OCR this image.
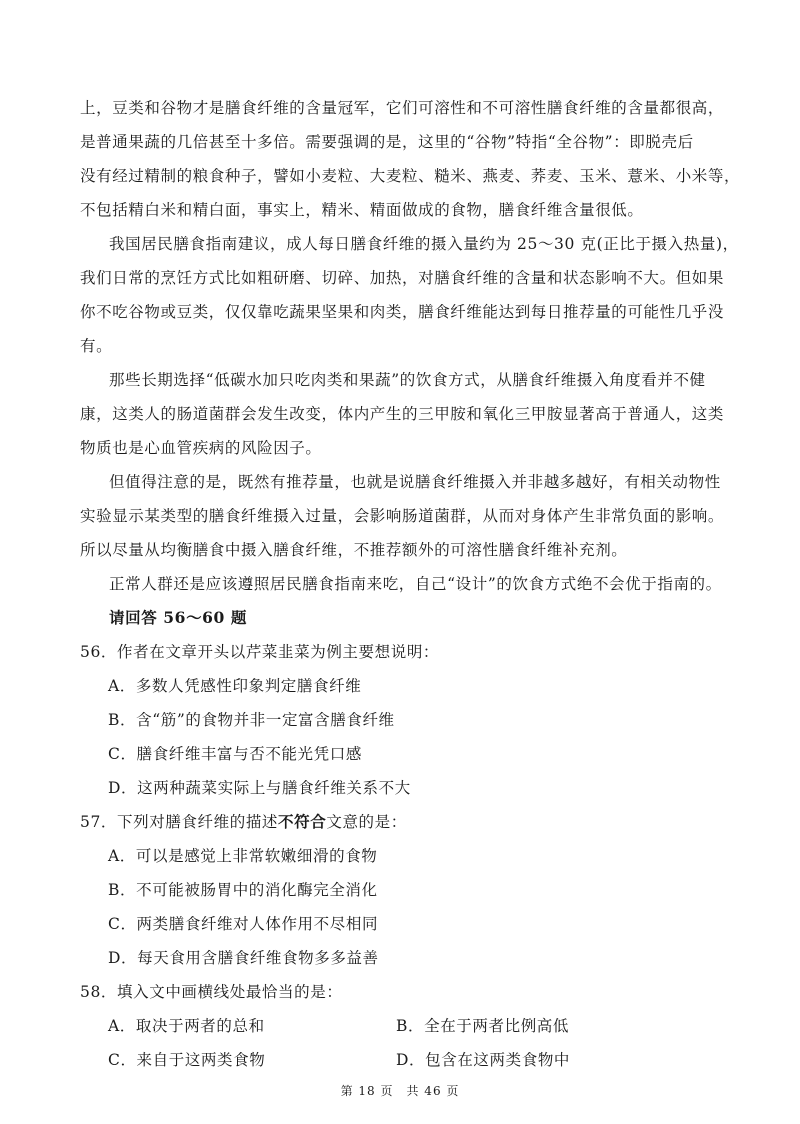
上，豆类和谷物才是膳食纤维的含量冠军，它们可溶性和不可溶性膳食纤维的含量都很高，
是普通果蔬的几倍甚至十多倍。需要强调的是，这里的“谷物”特指“全谷物”：即脱壳后
没有经过精制的粮食种子，譬如小麦粒、大麦粒、糙米、燕麦、荞麦、玉米、薏米、小米等，
不包括精白米和精白面，事实上，精米、精面做成的食物，膳食纤维含量很低。
我国居民膳食指南建议，成人每日膳食纤维的摄入量约为 25～30 克(正比于摄入热量)，
我们日常的烹饪方式比如粗研磨、切碎、加热，对膳食纤维的含量和状态影响不大。但如果
你不吃谷物或豆类，仅仅靠吃蔬果坚果和肉类，膳食纤维能达到每日推荐量的可能性几乎没
有。
那些长期选择“低碳水加只吃肉类和果蔬”的饮食方式，从膳食纤维摄入角度看并不健
康，这类人的肠道菌群会发生改变，体内产生的三甲胺和氧化三甲胺显著高于普通人，这类
物质也是心血管疾病的风险因子。
但值得注意的是，既然有推荐量，也就是说膳食纤维摄入并非越多越好，有相关动物性
实验显示某类型的膳食纤维摄入过量，会影响肠道菌群，从而对身体产生非常负面的影响。
所以尽量从均衡膳食中摄入膳食纤维，不推荐额外的可溶性膳食纤维补充剂。
正常人群还是应该遵照居民膳食指南来吃，自己“设计”的饮食方式绝不会优于指南的。
请回答 56～60 题
56．作者在文章开头以芹菜韭菜为例主要想说明：
A．多数人凭感性印象判定膳食纤维
B．含“筋”的食物并非一定富含膳食纤维
C．膳食纤维丰富与否不能光凭口感
D．这两种蔬菜实际上与膳食纤维关系不大
57．下列对膳食纤维的描述不符合文意的是：
A．可以是感觉上非常软嫩细滑的食物
B．不可能被肠胃中的消化酶完全消化
C．两类膳食纤维对人体作用不尽相同
D．每天食用含膳食纤维食物多多益善
58．填入文中画横线处最恰当的是：
A．取决于两者的总和	B．全在于两者比例高低
C．来自于这两类食物	D．包含在这两类食物中
第 18 页　共 46 页
